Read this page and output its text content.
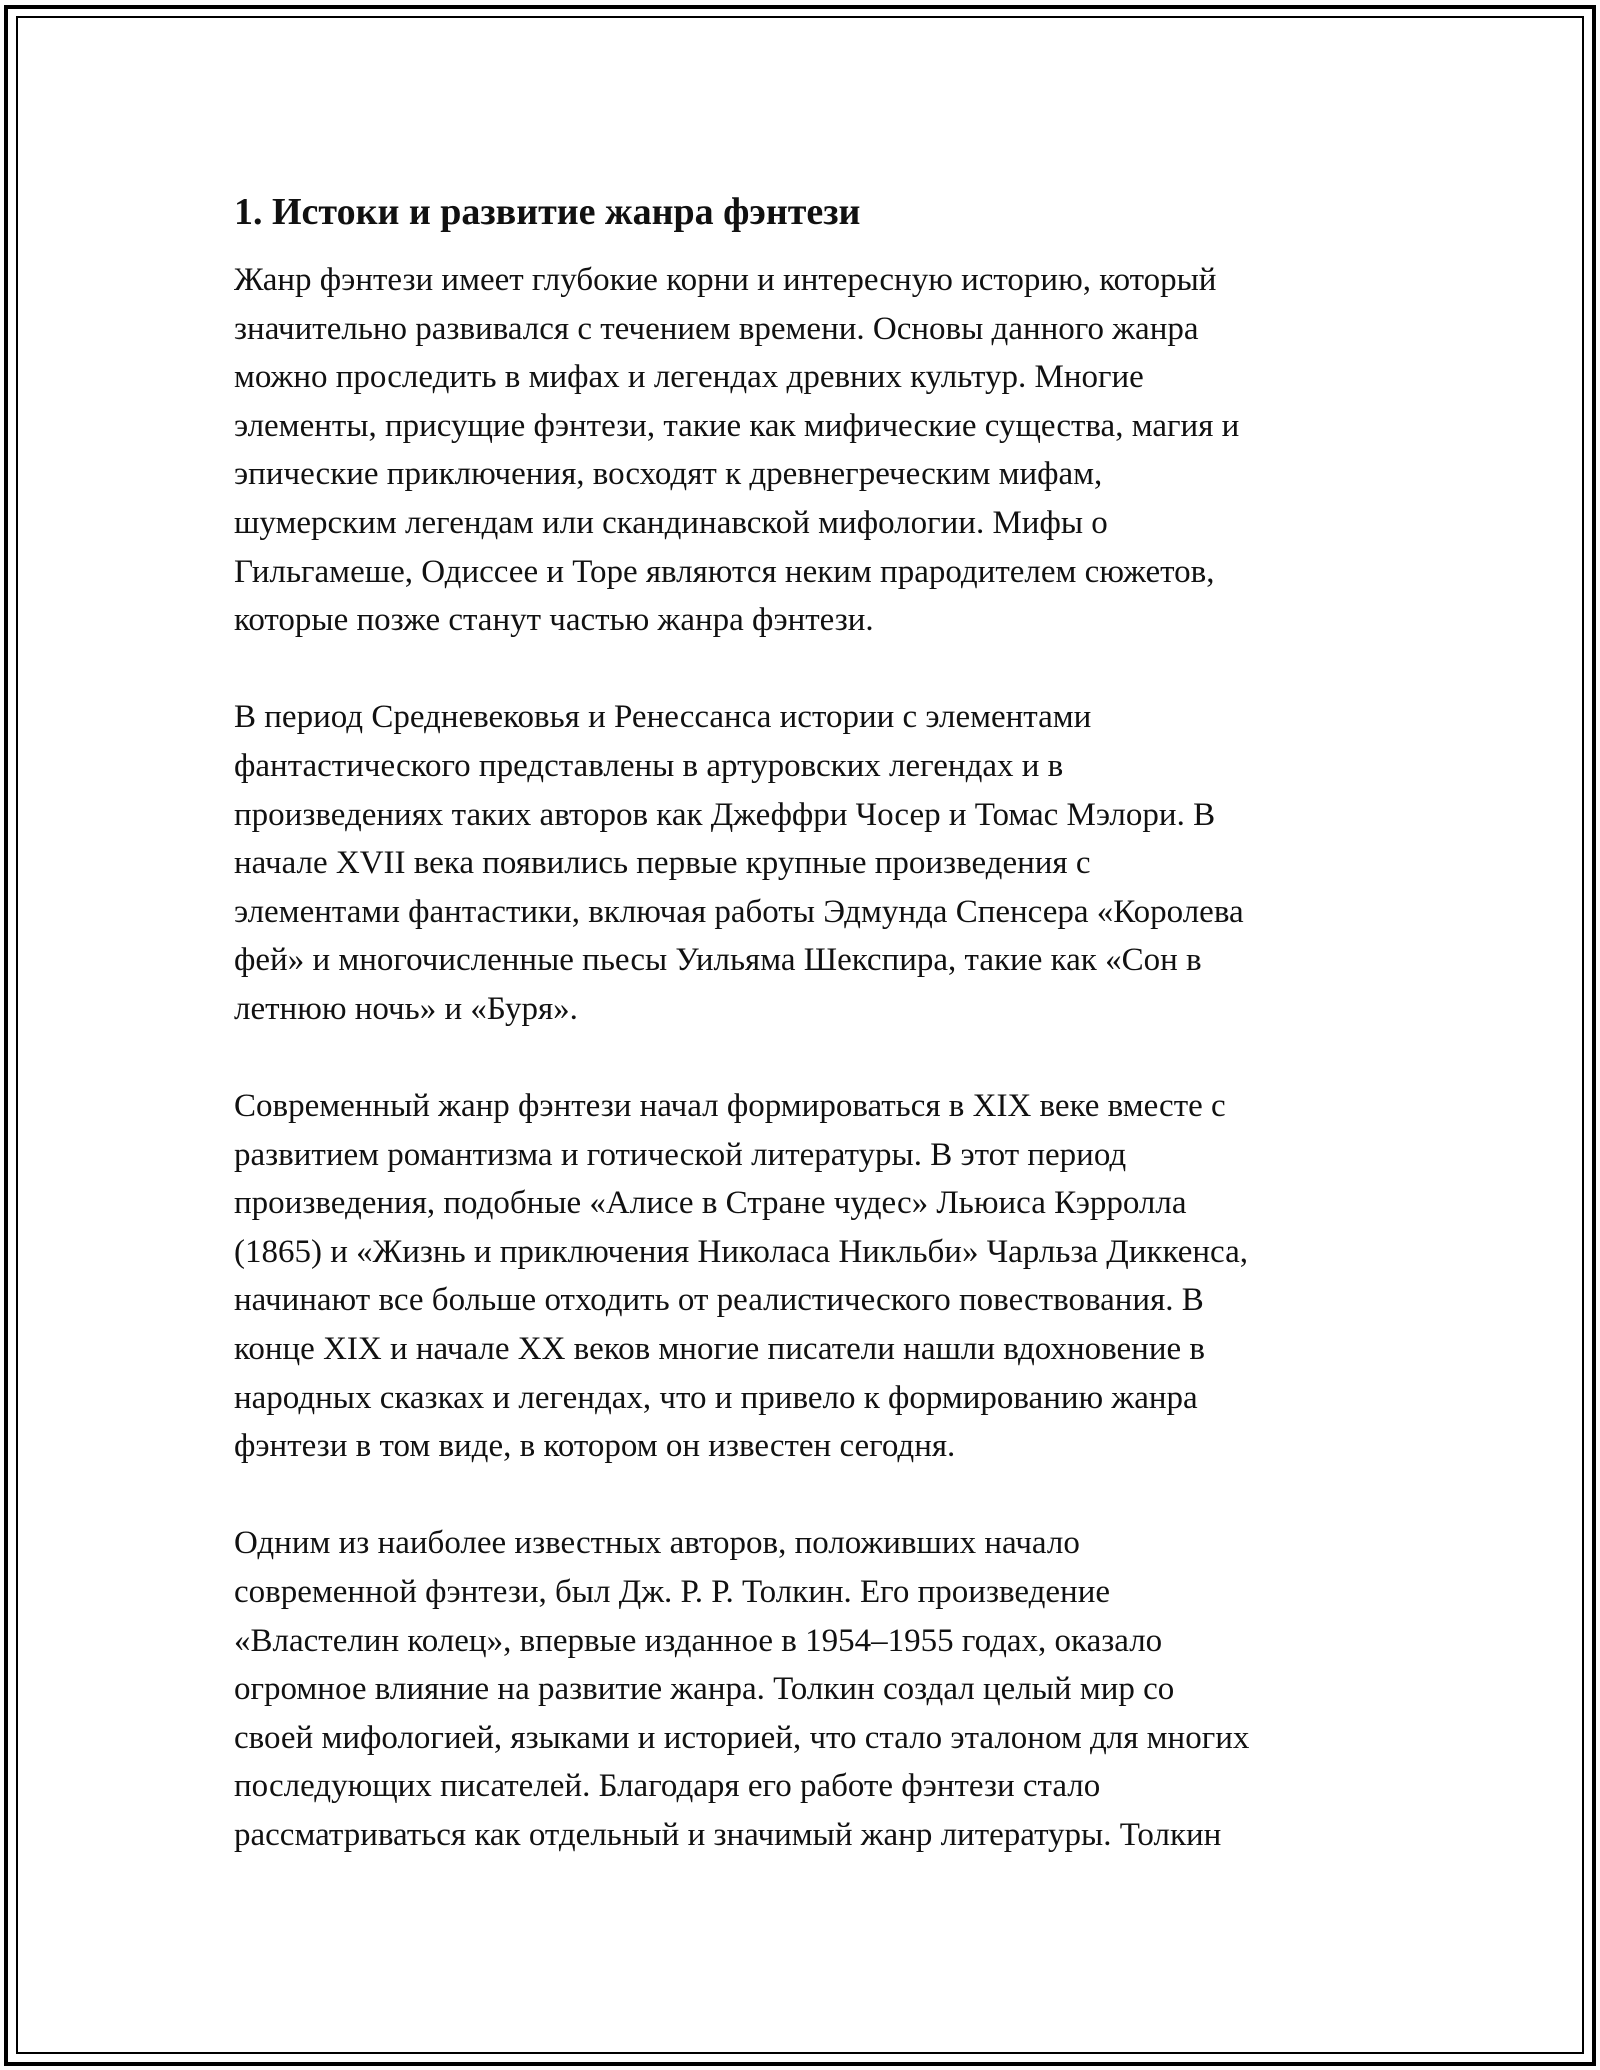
1. Истоки и развитие жанра фэнтези

Жанр фэнтези имеет глубокие корни и интересную историю, который
значительно развивался с течением времени. Основы данного жанра
можно проследить в мифах и легендах древних культур. Многие
элементы, присущие фэнтези, такие как мифические существа, магия и
эпические приключения, восходят к древнегреческим мифам,
шумерским легендам или скандинавской мифологии. Мифы о
Гильгамеше, Одиссее и Торе являются неким прародителем сюжетов,
которые позже станут частью жанра фэнтези.

В период Средневековья и Ренессанса истории с элементами
фантастического представлены в артуровских легендах и в
произведениях таких авторов как Джеффри Чосер и Томас Мэлори. В
начале XVII века появились первые крупные произведения с
элементами фантастики, включая работы Эдмунда Спенсера «Королева
фей» и многочисленные пьесы Уильяма Шекспира, такие как «Сон в
летнюю ночь» и «Буря».

Современный жанр фэнтези начал формироваться в XIX веке вместе с
развитием романтизма и готической литературы. В этот период
произведения, подобные «Алисе в Стране чудес» Льюиса Кэрролла
(1865) и «Жизнь и приключения Николаса Никльби» Чарльза Диккенса,
начинают все больше отходить от реалистического повествования. В
конце XIX и начале XX веков многие писатели нашли вдохновение в
народных сказках и легендах, что и привело к формированию жанра
фэнтези в том виде, в котором он известен сегодня.

Одним из наиболее известных авторов, положивших начало
современной фэнтези, был Дж. Р. Р. Толкин. Его произведение
«Властелин колец», впервые изданное в 1954–1955 годах, оказало
огромное влияние на развитие жанра. Толкин создал целый мир со
своей мифологией, языками и историей, что стало эталоном для многих
последующих писателей. Благодаря его работе фэнтези стало
рассматриваться как отдельный и значимый жанр литературы. Толкин
